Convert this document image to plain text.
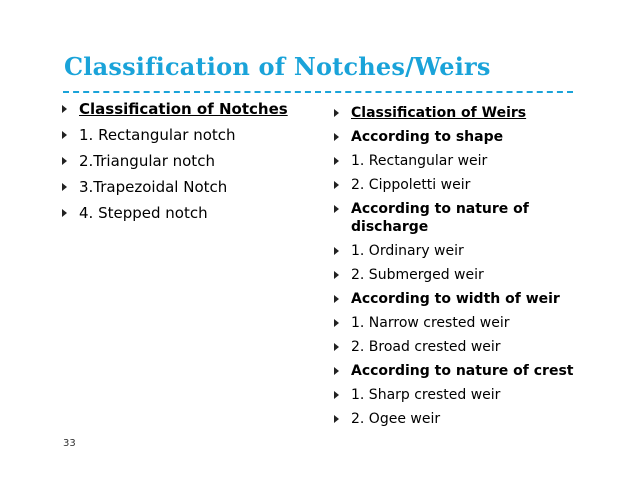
Classification of Notches/Weirs
Classification of Notches
1. Rectangular notch
2.Triangular notch
3.Trapezoidal Notch
4. Stepped notch
Classification of Weirs
According to shape
1. Rectangular weir
2. Cippoletti weir
According to nature of discharge
1. Ordinary weir
2. Submerged weir
According to width of weir
1. Narrow crested weir
2. Broad crested weir
According to nature of crest
1. Sharp crested weir
2. Ogee weir
33
